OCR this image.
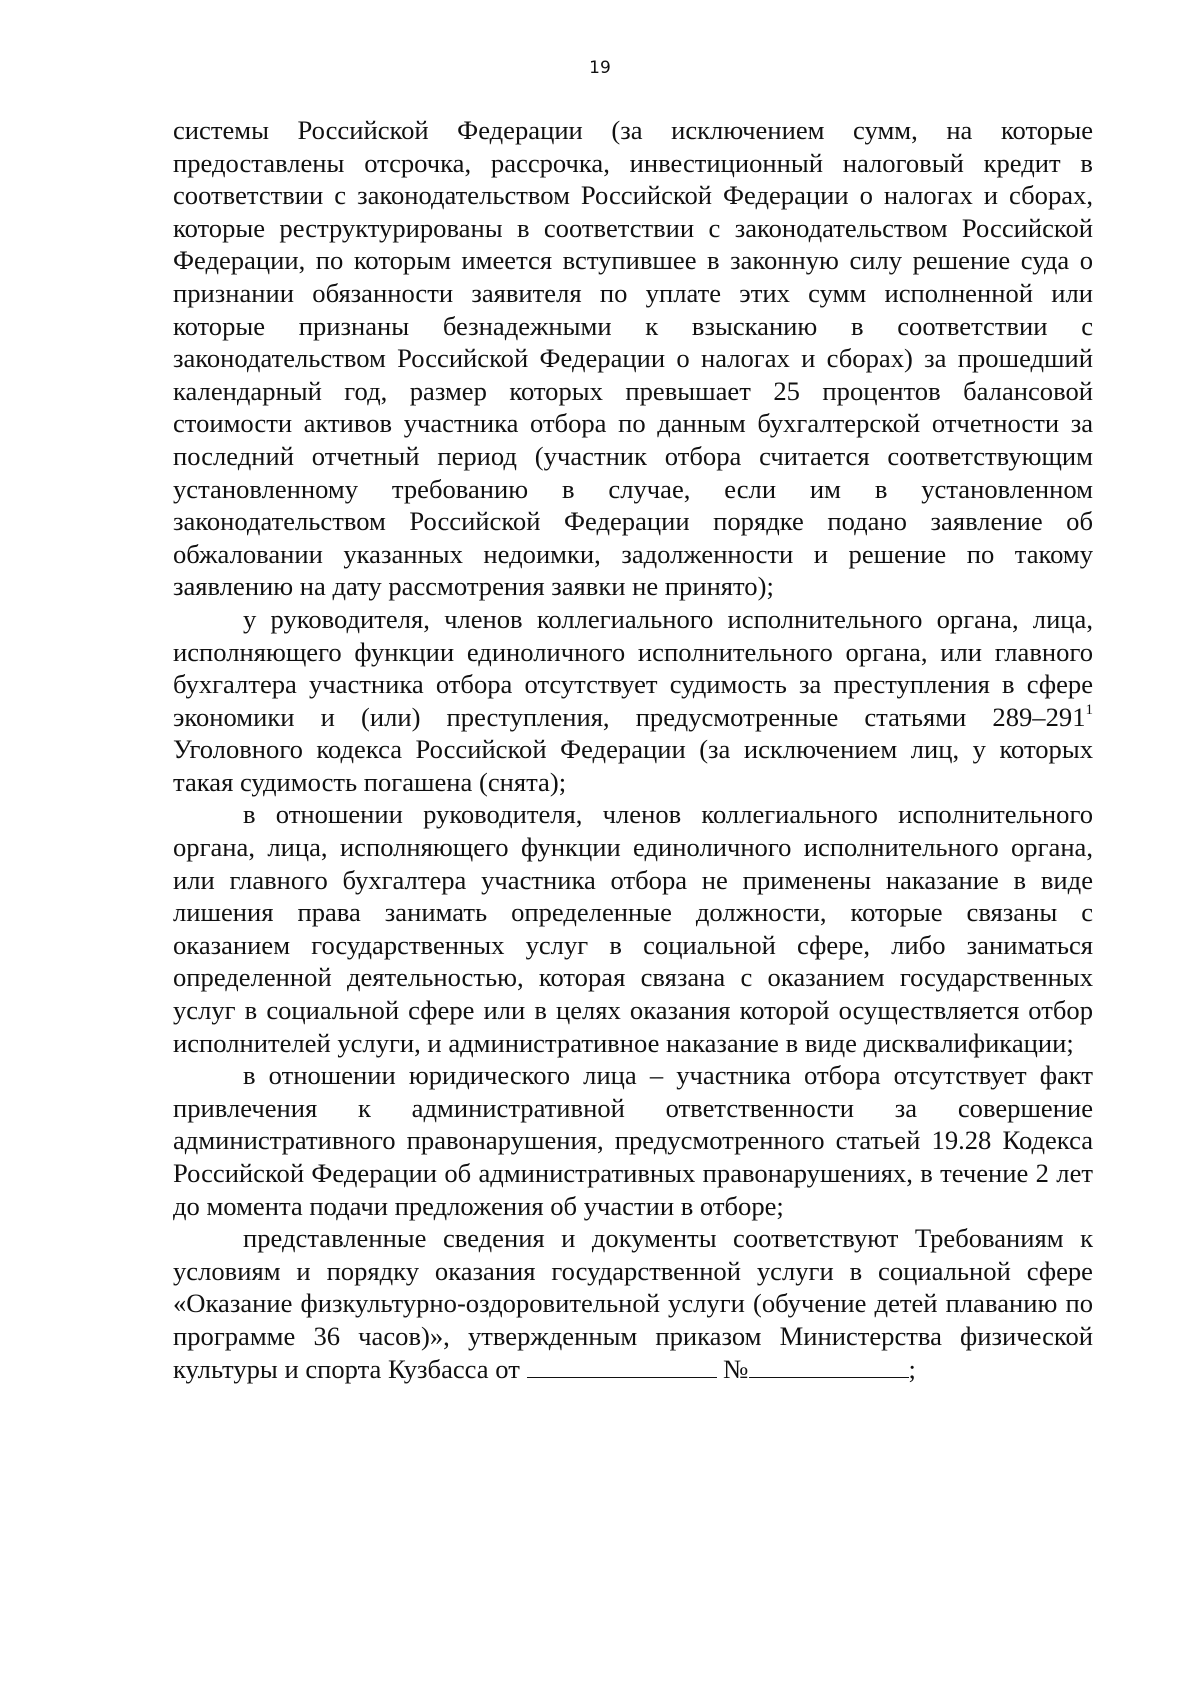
19

системы Российской Федерации (за исключением сумм, на которые предоставлены отсрочка, рассрочка, инвестиционный налоговый кредит в соответствии с законодательством Российской Федерации о налогах и сборах, которые реструктурированы в соответствии с законодательством Российской Федерации, по которым имеется вступившее в законную силу решение суда о признании обязанности заявителя по уплате этих сумм исполненной или которые признаны безнадежными к взысканию в соответствии с законодательством Российской Федерации о налогах и сборах) за прошедший календарный год, размер которых превышает 25 процентов балансовой стоимости активов участника отбора по данным бухгалтерской отчетности за последний отчетный период (участник отбора считается соответствующим установленному требованию в случае, если им в установленном законодательством Российской Федерации порядке подано заявление об обжаловании указанных недоимки, задолженности и решение по такому заявлению на дату рассмотрения заявки не принято);

у руководителя, членов коллегиального исполнительного органа, лица, исполняющего функции единоличного исполнительного органа, или главного бухгалтера участника отбора отсутствует судимость за преступления в сфере экономики и (или) преступления, предусмотренные статьями $289-291^1$ Уголовного кодекса Российской Федерации (за исключением лиц, у которых такая судимость погашена (снята);

в отношении руководителя, членов коллегиального исполнительного органа, лица, исполняющего функции единоличного исполнительного органа, или главного бухгалтера участника отбора не применены наказание в виде лишения права занимать определенные должности, которые связаны с оказанием государственных услуг в социальной сфере, либо заниматься определенной деятельностью, которая связана с оказанием государственных услуг в социальной сфере или в целях оказания которой осуществляется отбор исполнителей услуги, и административное наказание в виде дисквалификации;

в отношении юридического лица – участника отбора отсутствует факт привлечения к административной ответственности за совершение административного правонарушения, предусмотренного статьей 19.28 Кодекса Российской Федерации об административных правонарушениях, в течение 2 лет до момента подачи предложения об участии в отборе;

представленные сведения и документы соответствуют Требованиям к условиям и порядку оказания государственной услуги в социальной сфере «Оказание физкультурно-оздоровительной услуги (обучение детей плаванию по программе 36 часов)», утвержденным приказом Министерства физической культуры и спорта Кузбасса от	№	;
